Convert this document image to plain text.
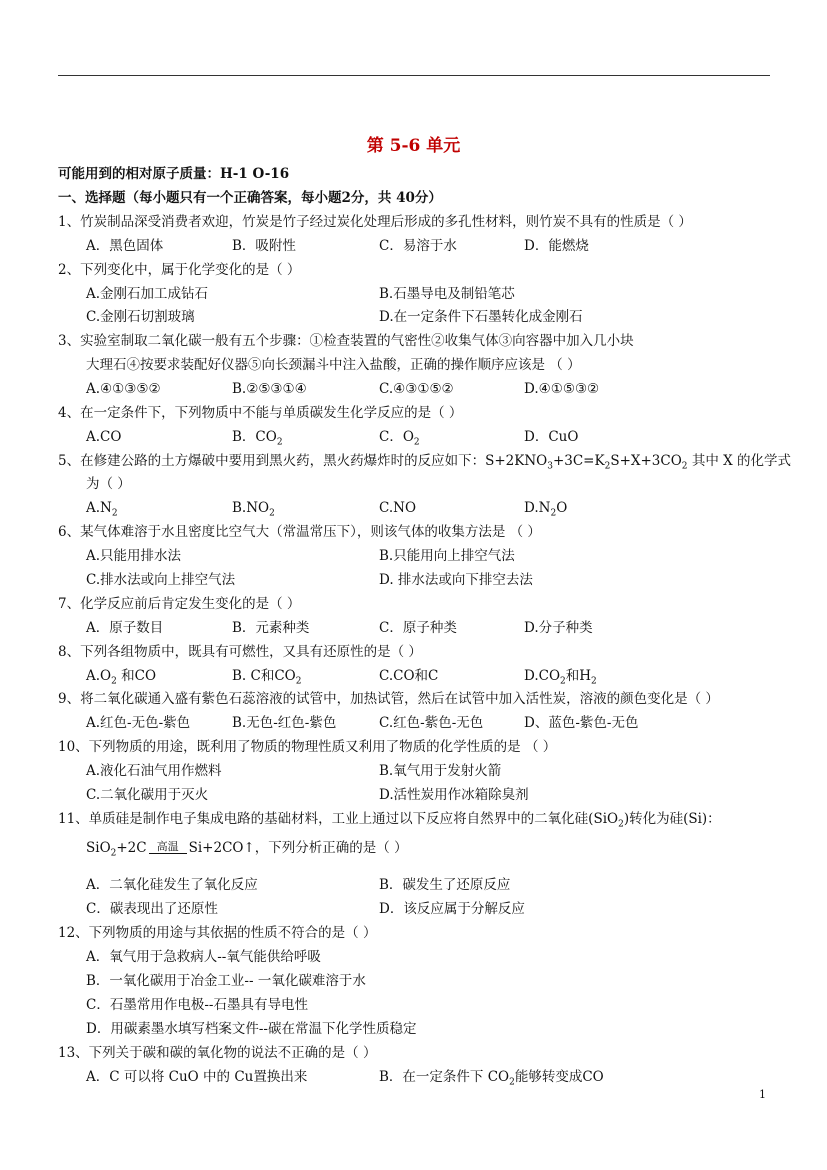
第 5-6 单元
可能用到的相对原子质量：H-1 O-16
一、选择题（每小题只有一个正确答案，每小题2分，共 40分）
1、竹炭制品深受消费者欢迎，竹炭是竹子经过炭化处理后形成的多孔性材料，则竹炭不具有的性质是（ ）
A．黑色固体	B．吸附性	C．易溶于水	D．能燃烧
2、下列变化中，属于化学变化的是（ ）
A.金刚石加工成钻石	B.石墨导电及制铅笔芯
C.金刚石切割玻璃	D.在一定条件下石墨转化成金刚石
3、实验室制取二氧化碳一般有五个步骤：①检查装置的气密性②收集气体③向容器中加入几小块
大理石④按要求装配好仪器⑤向长颈漏斗中注入盐酸，正确的操作顺序应该是 （ ）
A.④①③⑤②	B.②⑤③①④	C.④③①⑤②	D.④①⑤③②
4、在一定条件下，下列物质中不能与单质碳发生化学反应的是（ ）
A.CO	B．$CO_2$	C．$O_2$	D．CuO
5、在修建公路的土方爆破中要用到黑火药，黑火药爆炸时的反应如下：$S+2KNO_3+3C=K_2S+X+3CO_2$ 其中 X 的化学式
为（ ）
$A.N_2$	$B.NO_2$	C.NO	$D.N_2O$
6、某气体难溶于水且密度比空气大（常温常压下），则该气体的收集方法是 （ ）
A.只能用排水法	B.只能用向上排空气法
C.排水法或向上排空气法	D. 排水法或向下排空去法
7、化学反应前后肯定发生变化的是（ ）
A．原子数目	B．元素种类	C．原子种类	D.分子种类
8、下列各组物质中，既具有可燃性，又具有还原性的是（ ）
$A.O_2$ 和CO	B. C和$CO_2$	C.CO和C	$D.CO_2$和$H_2$
9、将二氧化碳通入盛有紫色石蕊溶液的试管中，加热试管，然后在试管中加入活性炭，溶液的颜色变化是（ ）
A.红色-无色-紫色	B.无色-红色-紫色	C.红色-紫色-无色	D、蓝色-紫色-无色
10、下列物质的用途，既利用了物质的物理性质又利用了物质的化学性质的是 （ ）
A.液化石油气用作燃料	B.氧气用于发射火箭
C.二氧化碳用于灭火	D.活性炭用作冰箱除臭剂
11、单质硅是制作电子集成电路的基础材料，工业上通过以下反应将自然界中的二氧化硅(SiO$_2$)转化为硅(Si)：
SiO$_2$+2C 高温 Si+2CO↑，下列分析正确的是（ ）
A．二氧化硅发生了氧化反应	B．碳发生了还原反应
C．碳表现出了还原性	D．该反应属于分解反应
12、下列物质的用途与其依据的性质不符合的是（ ）
A．氧气用于急救病人--氧气能供给呼吸
B．一氧化碳用于冶金工业-- 一氧化碳难溶于水
C．石墨常用作电极--石墨具有导电性
D．用碳素墨水填写档案文件--碳在常温下化学性质稳定
13、下列关于碳和碳的氧化物的说法不正确的是（ ）
A．C 可以将 CuO 中的 Cu置换出来	B．在一定条件下 $CO_2$能够转变成CO
1
